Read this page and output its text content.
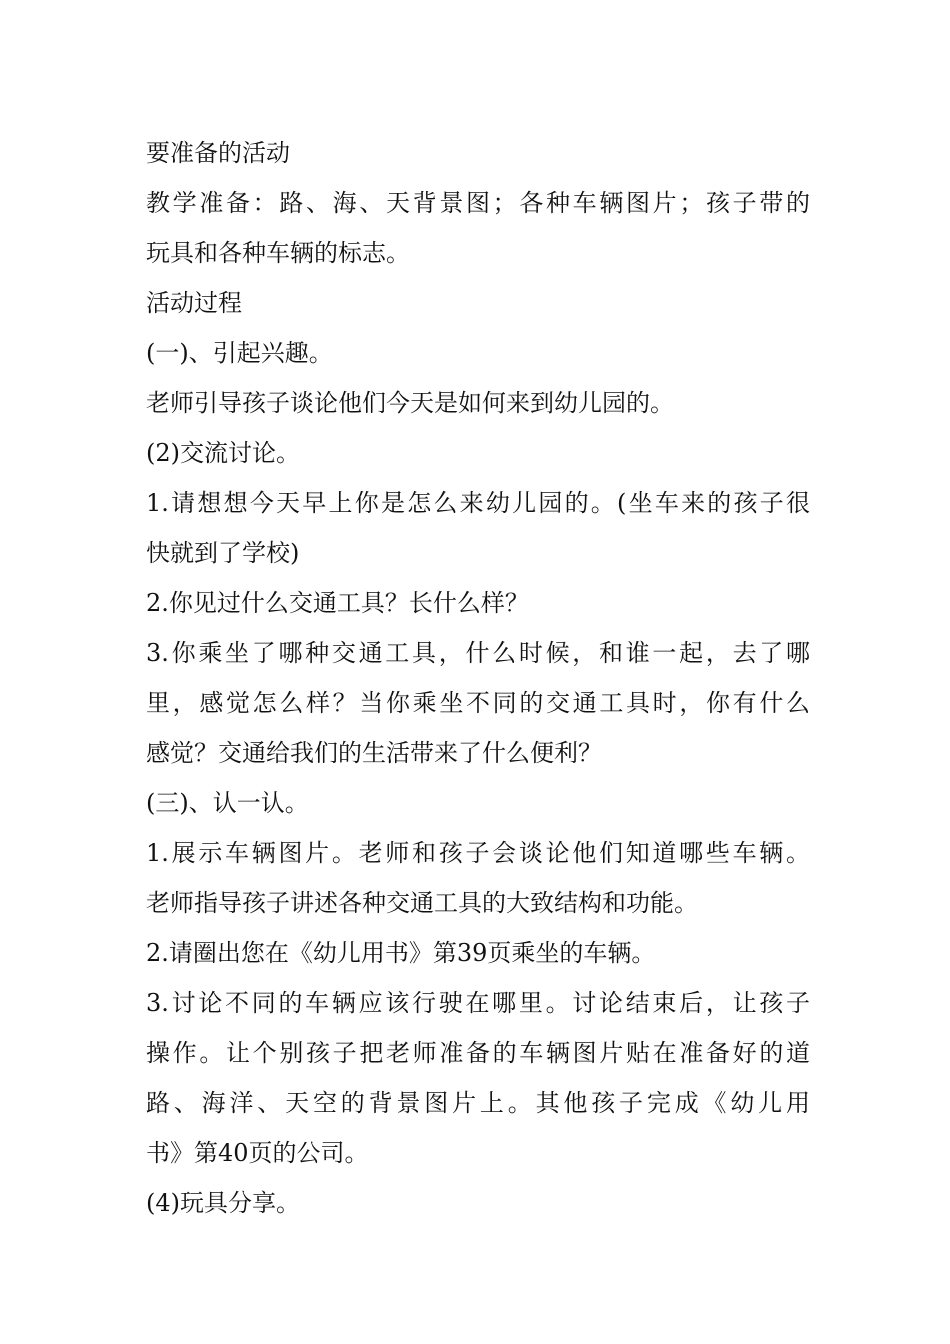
要准备的活动
教学准备：路、海、天背景图；各种车辆图片；孩子带的
玩具和各种车辆的标志。
活动过程
(一)、引起兴趣。
老师引导孩子谈论他们今天是如何来到幼儿园的。
(2)交流讨论。
1.请想想今天早上你是怎么来幼儿园的。(坐车来的孩子很
快就到了学校)
2.你见过什么交通工具？长什么样？
3.你乘坐了哪种交通工具，什么时候，和谁一起，去了哪
里，感觉怎么样？当你乘坐不同的交通工具时，你有什么
感觉？交通给我们的生活带来了什么便利？
(三)、认一认。
1.展示车辆图片。老师和孩子会谈论他们知道哪些车辆。
老师指导孩子讲述各种交通工具的大致结构和功能。
2.请圈出您在《幼儿用书》第39页乘坐的车辆。
3.讨论不同的车辆应该行驶在哪里。讨论结束后，让孩子
操作。让个别孩子把老师准备的车辆图片贴在准备好的道
路、海洋、天空的背景图片上。其他孩子完成《幼儿用
书》第40页的公司。
(4)玩具分享。
